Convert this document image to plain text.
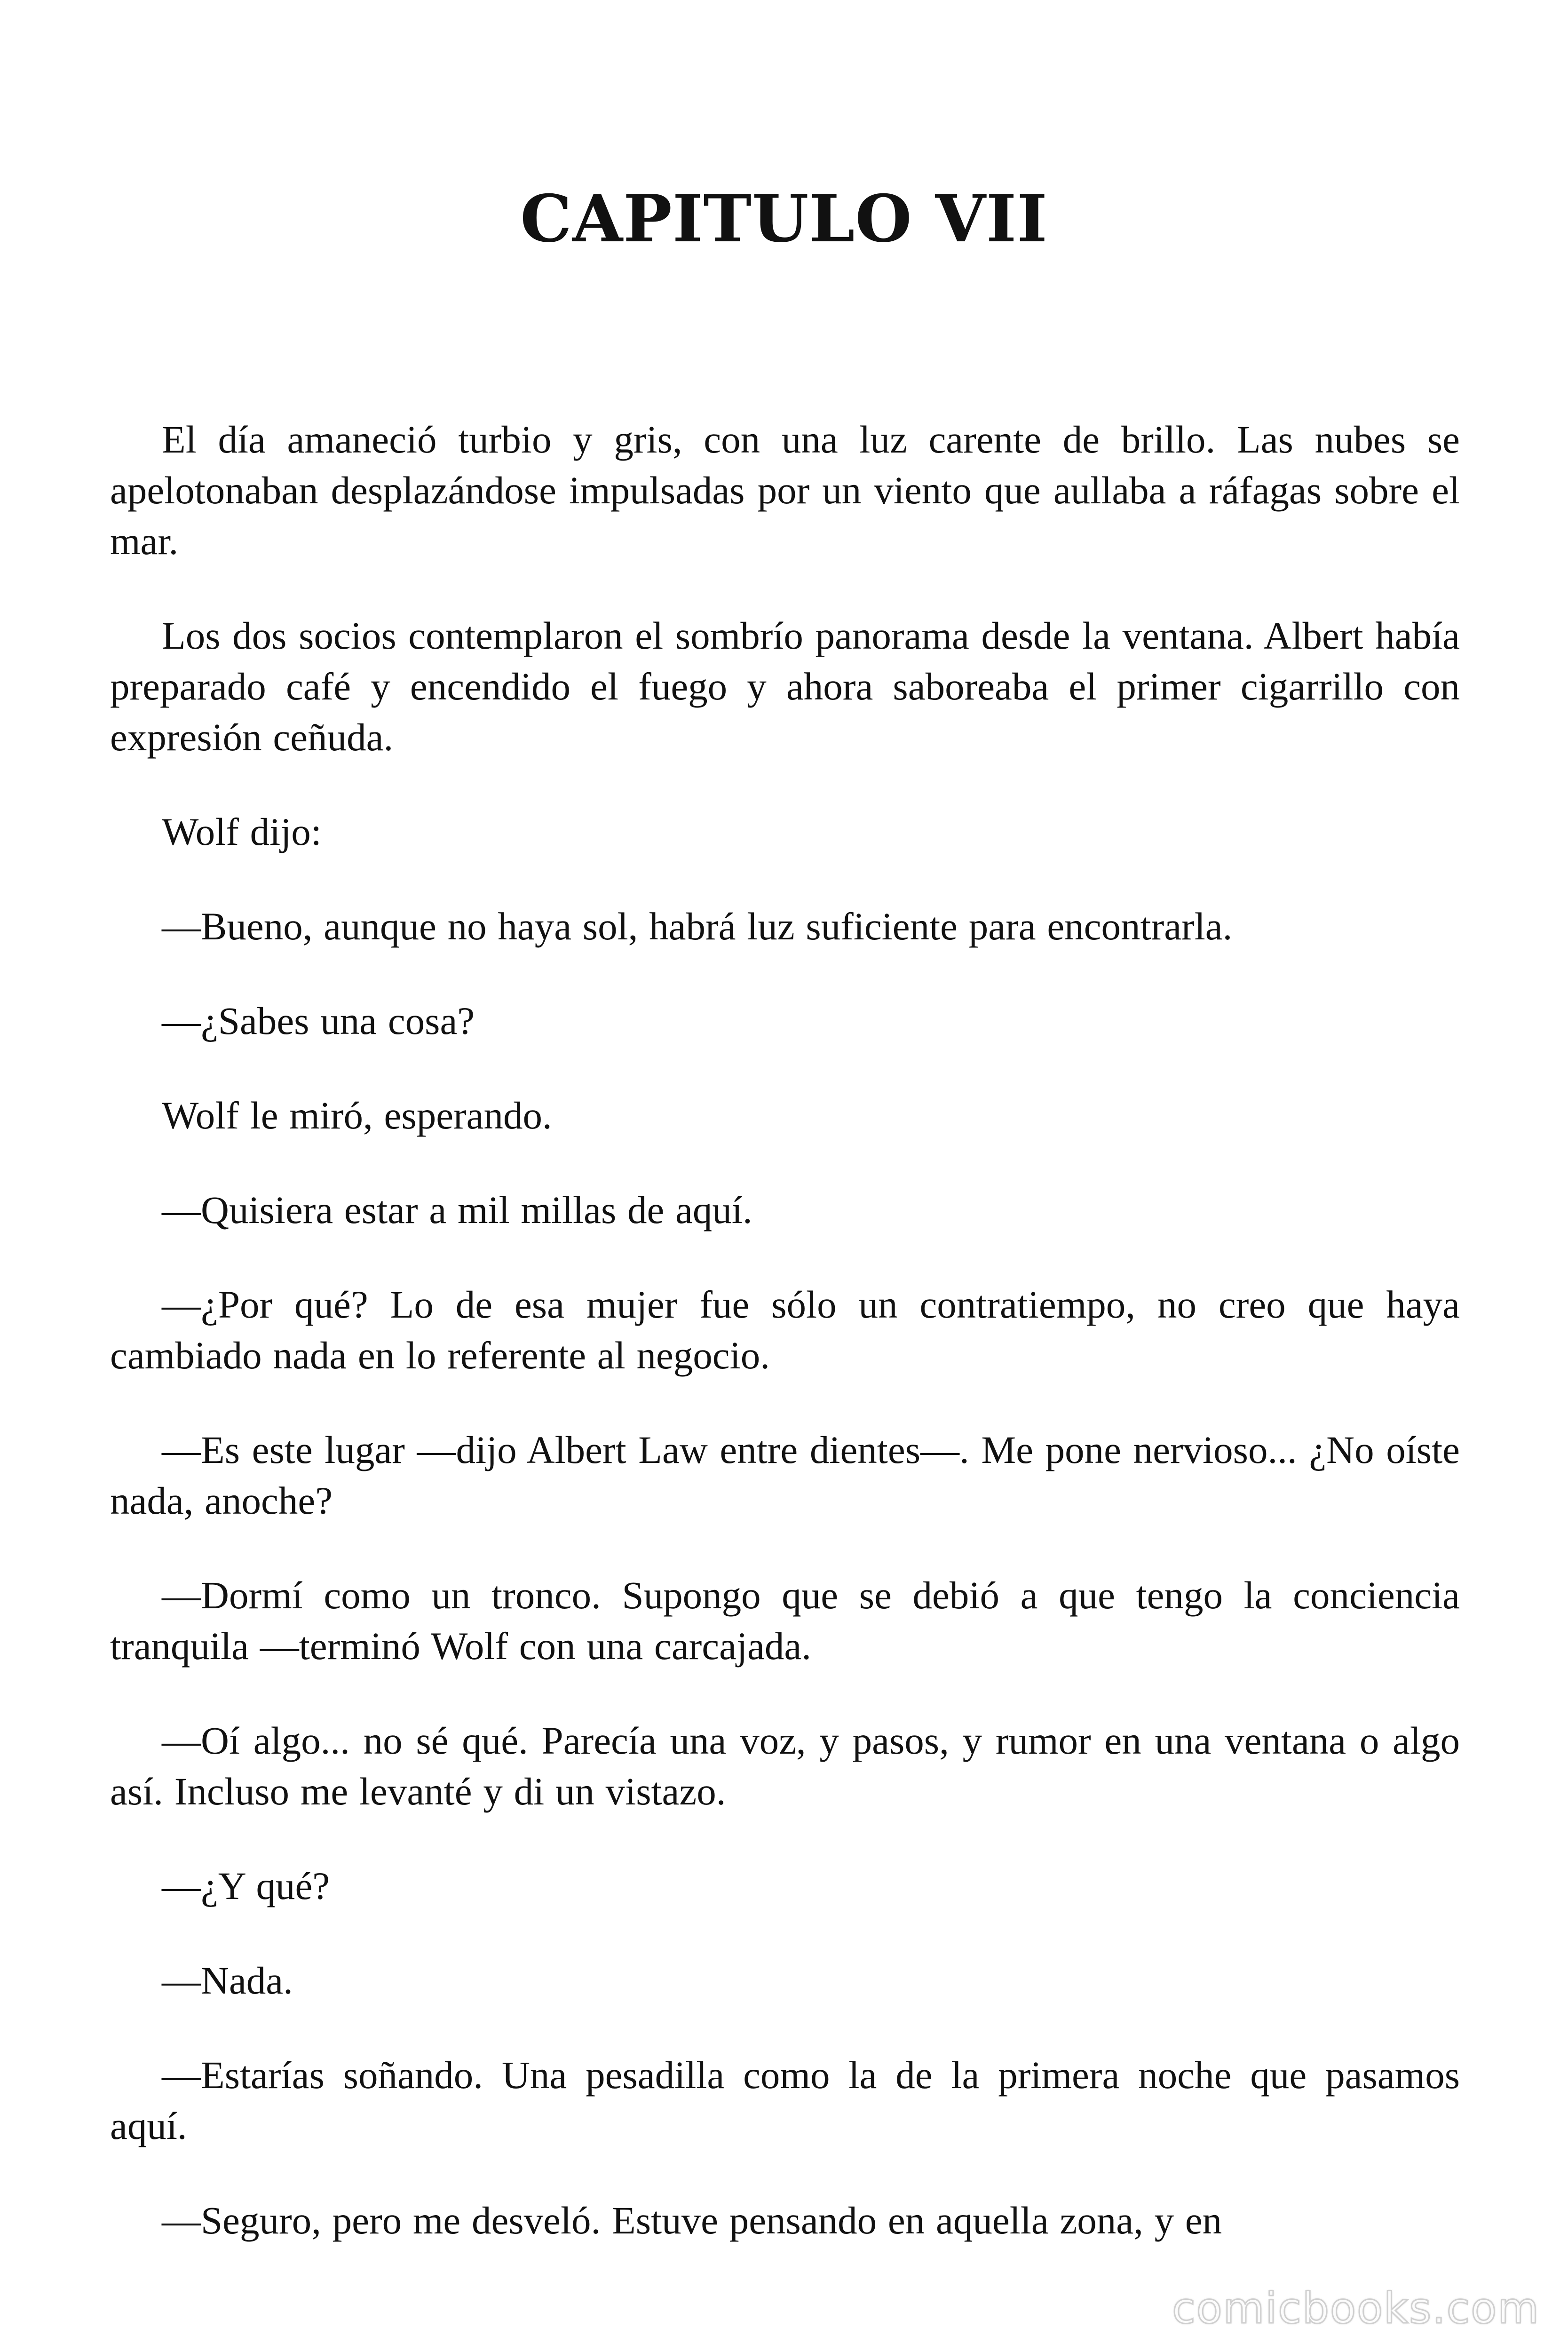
CAPITULO VII

El día amaneció turbio y gris, con una luz carente de brillo. Las nubes se apelotonaban desplazándose impulsadas por un viento que aullaba a ráfagas sobre el mar.

Los dos socios contemplaron el sombrío panorama desde la ventana. Albert había preparado café y encendido el fuego y ahora saboreaba el primer cigarrillo con expresión ceñuda.

Wolf dijo:

—Bueno, aunque no haya sol, habrá luz suficiente para encontrarla.

—¿Sabes una cosa?

Wolf le miró, esperando.

—Quisiera estar a mil millas de aquí.

—¿Por qué? Lo de esa mujer fue sólo un contratiempo, no creo que haya cambiado nada en lo referente al negocio.

—Es este lugar —dijo Albert Law entre dientes—. Me pone nervioso... ¿No oíste nada, anoche?

—Dormí como un tronco. Supongo que se debió a que tengo la conciencia tranquila —terminó Wolf con una carcajada.

—Oí algo... no sé qué. Parecía una voz, y pasos, y rumor en una ventana o algo así. Incluso me levanté y di un vistazo.

—¿Y qué?

—Nada.

—Estarías soñando. Una pesadilla como la de la primera noche que pasamos aquí.

—Seguro, pero me desveló. Estuve pensando en aquella zona, y en

comicbooks.com
